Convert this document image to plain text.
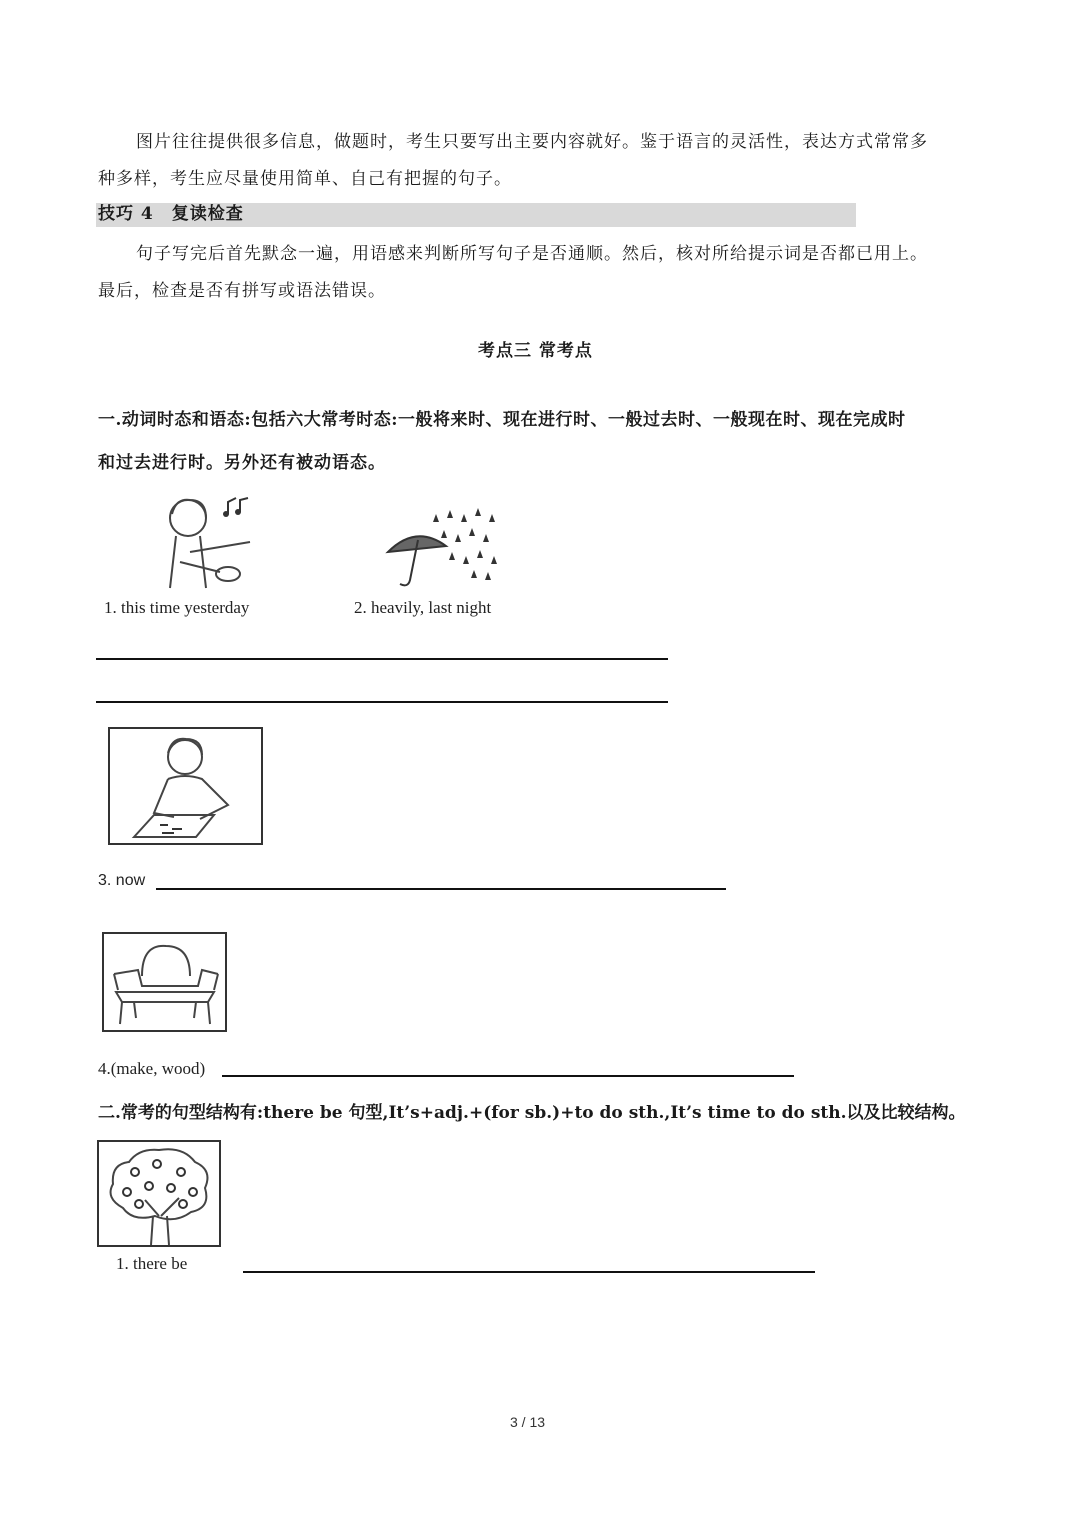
图片往往提供很多信息，做题时，考生只要写出主要内容就好。鉴于语言的灵活性，表达方式常常多
种多样，考生应尽量使用简单、自己有把握的句子。
技巧 4　复读检查
句子写完后首先默念一遍，用语感来判断所写句子是否通顺。然后，核对所给提示词是否都已用上。
最后，检查是否有拼写或语法错误。
考点三 常考点
一.动词时态和语态:包括六大常考时态:一般将来时、现在进行时、一般过去时、一般现在时、现在完成时
和过去进行时。另外还有被动语态。
1. this time yesterday	2. heavily, last night
3. now
4.(make, wood)
二.常考的句型结构有:there be 句型,It’s+adj.+(for sb.)+to do sth.,It’s time to do sth.以及比较结构。
1. there be
3 / 13
